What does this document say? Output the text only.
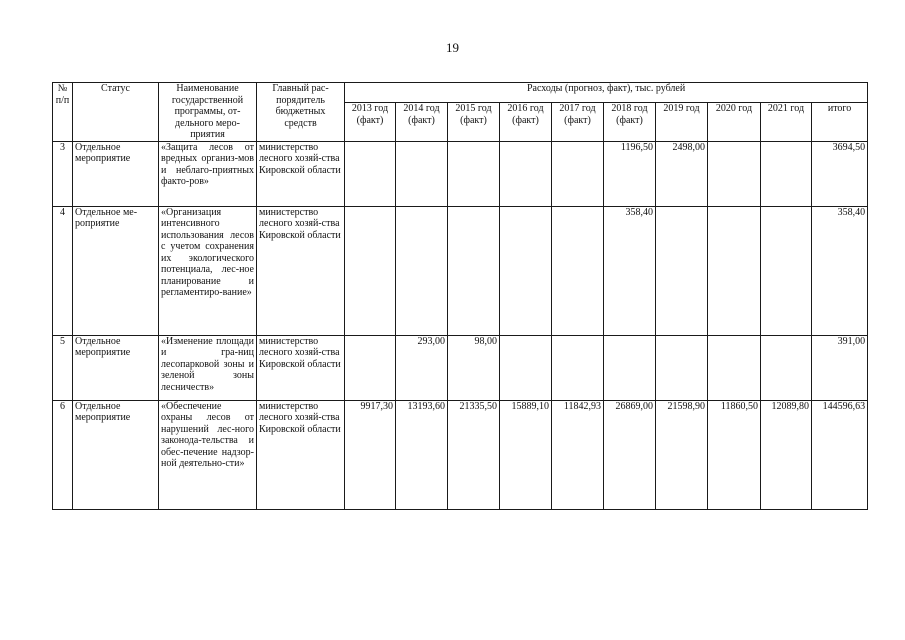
19
№ п/п	Статус	Наименование государственной программы, от-дельного меро-приятия	Главный рас-порядитель бюджетных средств	Расходы (прогноз, факт), тыс. рублей									
				2013 год (факт)	2014 год (факт)	2015 год (факт)	2016 год (факт)	2017 год (факт)	2018 год (факт)	2019 год	2020 год	2021 год	итого
3	Отдельное мероприятие	«Защита лесов от вредных организ-мов и неблаго-приятных факто-ров»	министерство лесного хозяй-ства Кировской области						1196,50	2498,00			3694,50
4	Отдельное ме-роприятие	«Организация интенсивного использования лесов с учетом сохранения их экологического потенциала, лес-ное планирование и регламентиро-вание»	министерство лесного хозяй-ства Кировской области						358,40				358,40
5	Отдельное мероприятие	«Изменение площади и гра-ниц лесопарковой зоны и зеленой зоны лесничеств»	министерство лесного хозяй-ства Кировской области		293,00	98,00							391,00
6	Отдельное мероприятие	«Обеспечение охраны лесов от нарушений лес-ного законода-тельства и обес-печение надзор-ной деятельно-сти»	министерство лесного хозяй-ства Кировской области	9917,30	13193,60	21335,50	15889,10	11842,93	26869,00	21598,90	11860,50	12089,80	144596,63
